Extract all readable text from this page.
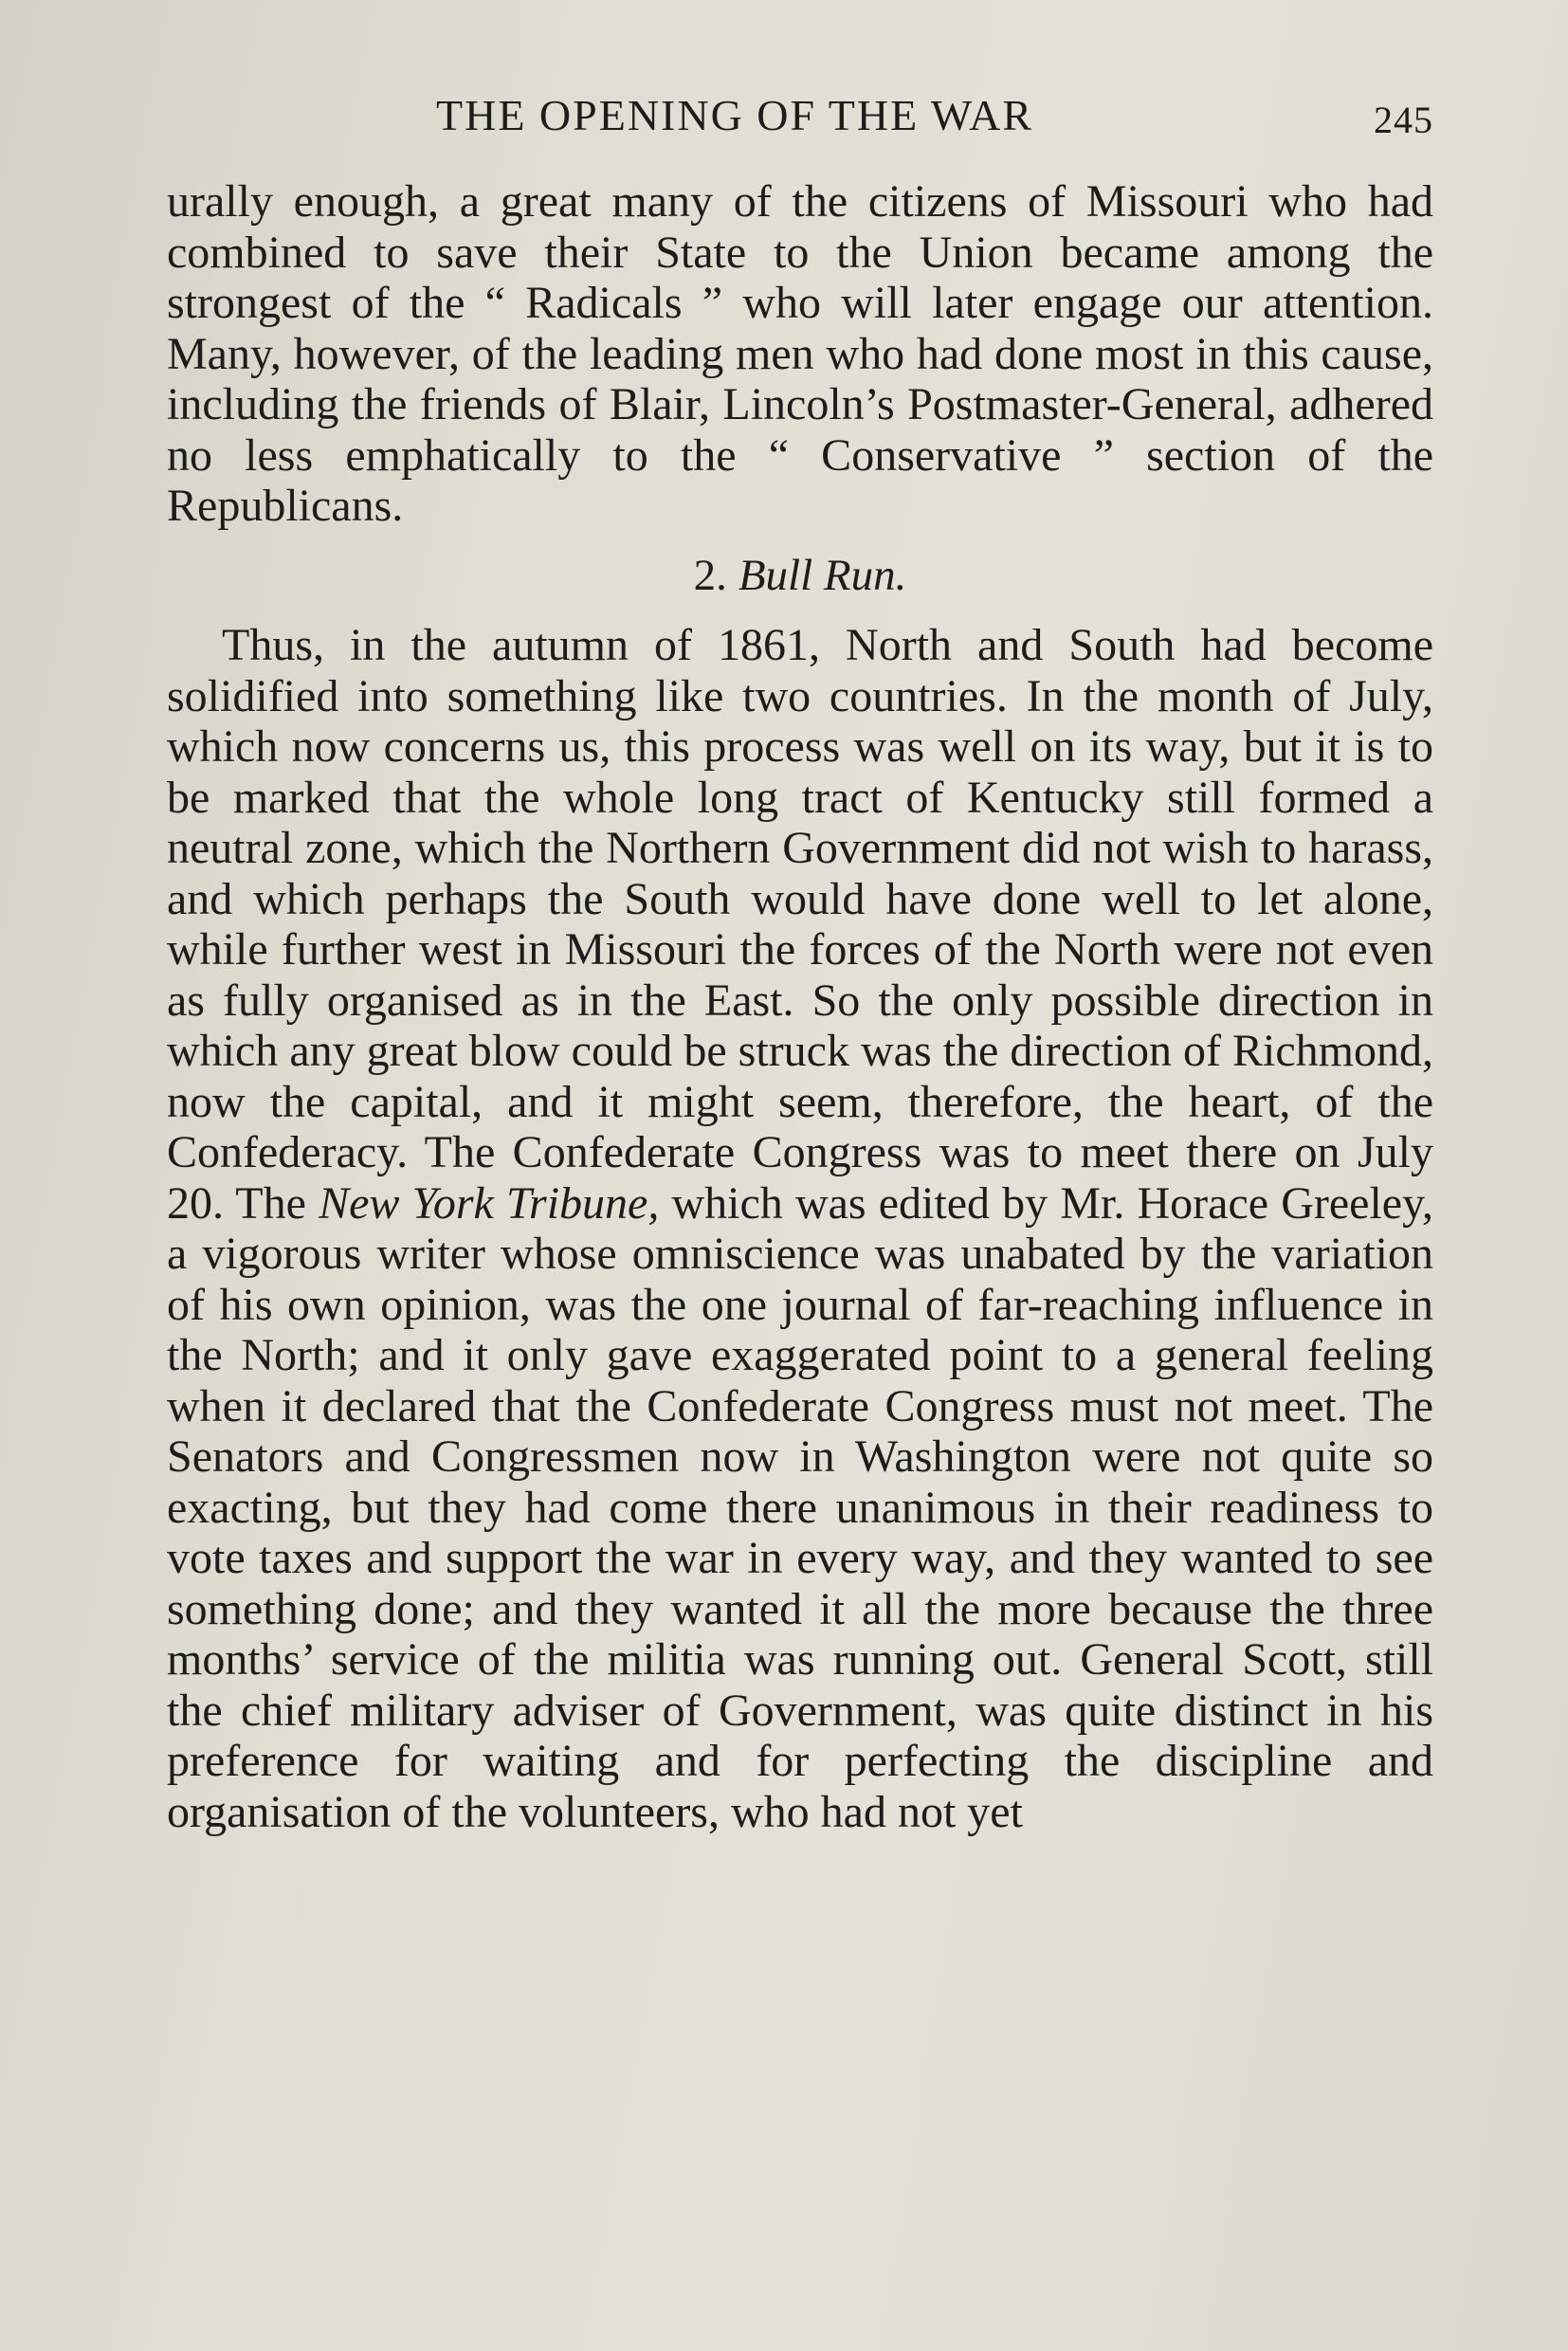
THE OPENING OF THE WAR	245

urally enough, a great many of the citizens of Missouri who had combined to save their State to the Union became among the strongest of the “ Radicals ” who will later engage our attention. Many, however, of the leading men who had done most in this cause, including the friends of Blair, Lincoln’s Postmaster-General, adhered no less emphatically to the “ Conservative ” section of the Republicans.

2. Bull Run.

Thus, in the autumn of 1861, North and South had become solidified into something like two countries. In the month of July, which now concerns us, this process was well on its way, but it is to be marked that the whole long tract of Kentucky still formed a neutral zone, which the Northern Government did not wish to harass, and which perhaps the South would have done well to let alone, while further west in Missouri the forces of the North were not even as fully organised as in the East. So the only possible direction in which any great blow could be struck was the direction of Richmond, now the capital, and it might seem, therefore, the heart, of the Confederacy. The Confederate Congress was to meet there on July 20. The New York Tribune, which was edited by Mr. Horace Greeley, a vigorous writer whose omniscience was unabated by the variation of his own opinion, was the one journal of far-reaching influence in the North; and it only gave exaggerated point to a general feeling when it declared that the Confederate Congress must not meet. The Senators and Congressmen now in Washington were not quite so exacting, but they had come there unanimous in their readiness to vote taxes and support the war in every way, and they wanted to see something done; and they wanted it all the more because the three months’ service of the militia was running out. General Scott, still the chief military adviser of Government, was quite distinct in his preference for waiting and for perfecting the discipline and organisation of the volunteers, who had not yet
